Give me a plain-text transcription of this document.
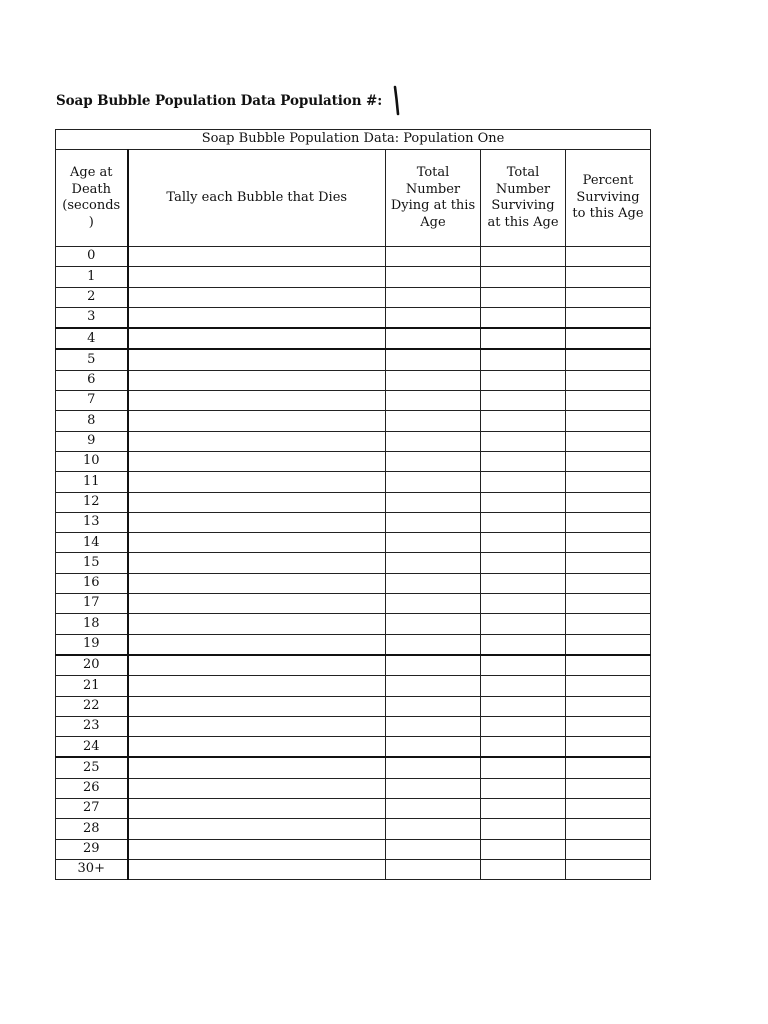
Soap Bubble Population Data Population #:
Soap Bubble Population Data: Population One				
Age at Death (seconds )	Tally each Bubble that Dies	Total Number Dying at this Age	Total Number Surviving at this Age	Percent Surviving to this Age
0				
1				
2				
3				
4				
5				
6				
7				
8				
9				
10				
11				
12				
13				
14				
15				
16				
17				
18				
19				
20				
21				
22				
23				
24				
25				
26				
27				
28				
29				
30+				
